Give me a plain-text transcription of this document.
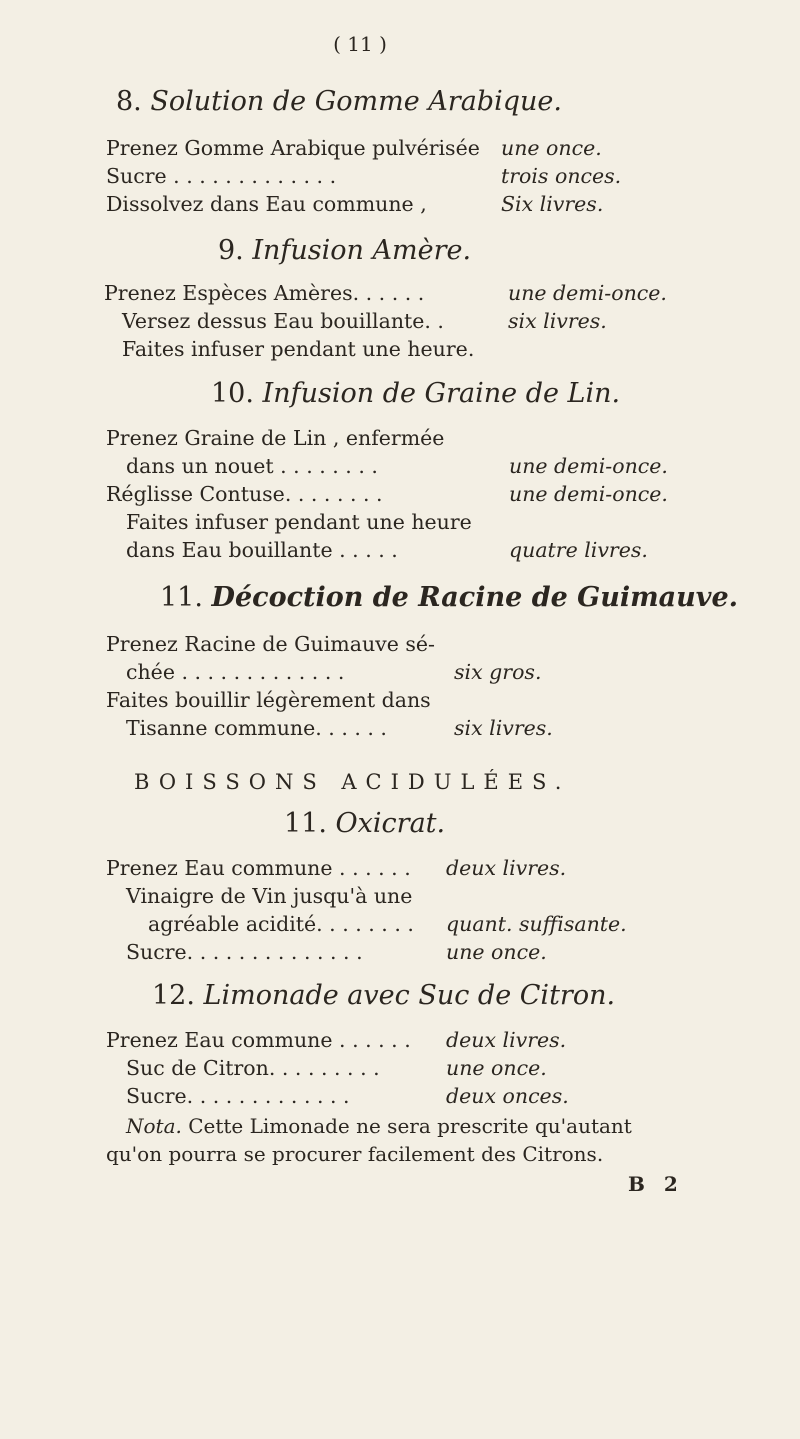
( 11 )
8. Solution de Gomme Arabique.
Prenez Gomme Arabique pulvérisée une once.
Sucre . . . . . . . . . . . . .	trois onces.
Dissolvez dans Eau commune ,	Six livres.
9. Infusion Amère.
Prenez Espèces Amères. . . . . .	une demi-once.
Versez dessus Eau bouillante. .	six livres.
Faites infuser pendant une heure.
10. Infusion de Graine de Lin.
Prenez Graine de Lin , enfermée
dans un nouet . . . . . . . .	une demi-once.
Réglisse Contuse. . . . . . . .	une demi-once.
Faites infuser pendant une heure
dans Eau bouillante . . . . .	quatre livres.
11. Décoction de Racine de Guimauve.
Prenez Racine de Guimauve sé-
chée . . . . . . . . . . . . .	six gros.
Faites bouillir légèrement dans
Tisanne commune. . . . . .	six livres.
BOISSONS ACIDULÉES.
11. Oxicrat.
Prenez Eau commune . . . . . . deux livres.
Vinaigre de Vin jusqu'à une
agréable acidité. . . . . . . . quant. suffisante.
Sucre. . . . . . . . . . . . . .	une once.
12. Limonade avec Suc de Citron.
Prenez Eau commune . . . . . . deux livres.
Suc de Citron. . . . . . . . .	une once.
Sucre. . . . . . . . . . . . .	deux onces.
Nota. Cette Limonade ne sera prescrite qu'autant
qu'on pourra se procurer facilement des Citrons.
B 2
